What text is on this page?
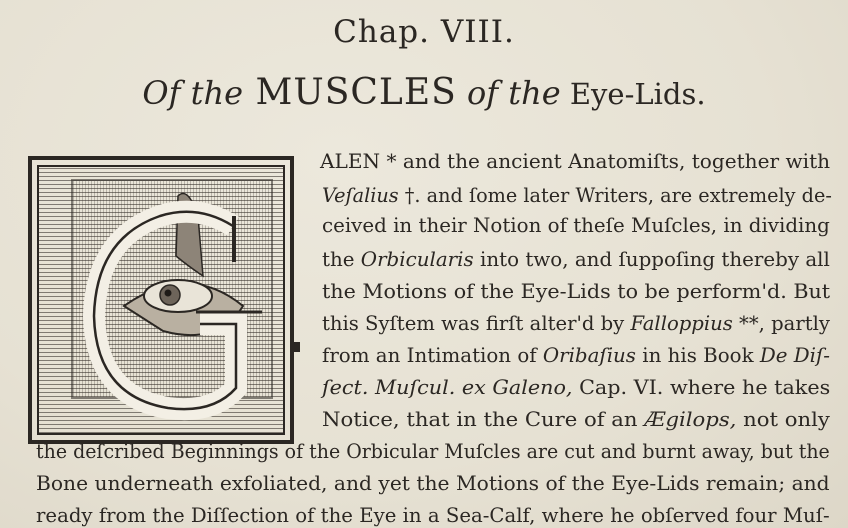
Chap. VIII.
Of the MUSCLES of the Eye-Lids.
ALEN * and the ancient Anatomiſts, together with
Veſalius †. and ſome later Writers, are extremely de-
ceived in their Notion of theſe Muſcles, in dividing
the Orbicularis into two, and ſuppoſing thereby all
the Motions of the Eye-Lids to be perform'd. But
this Syſtem was firſt alter'd by Falloppius **, partly
from an Intimation of Oribaſius in his Book De Diſ-
ſect. Muſcul. ex Galeno, Cap. VI. where he takes
Notice, that in the Cure of an Ægilops, not only
the deſcribed Beginnings of the Orbicular Muſcles are cut and burnt away, but the
Bone underneath exfoliated, and yet the Motions of the Eye-Lids remain; and
ready from the Diſſection of the Eye in a Sea-Calf, where he obſerved four Muſ-
